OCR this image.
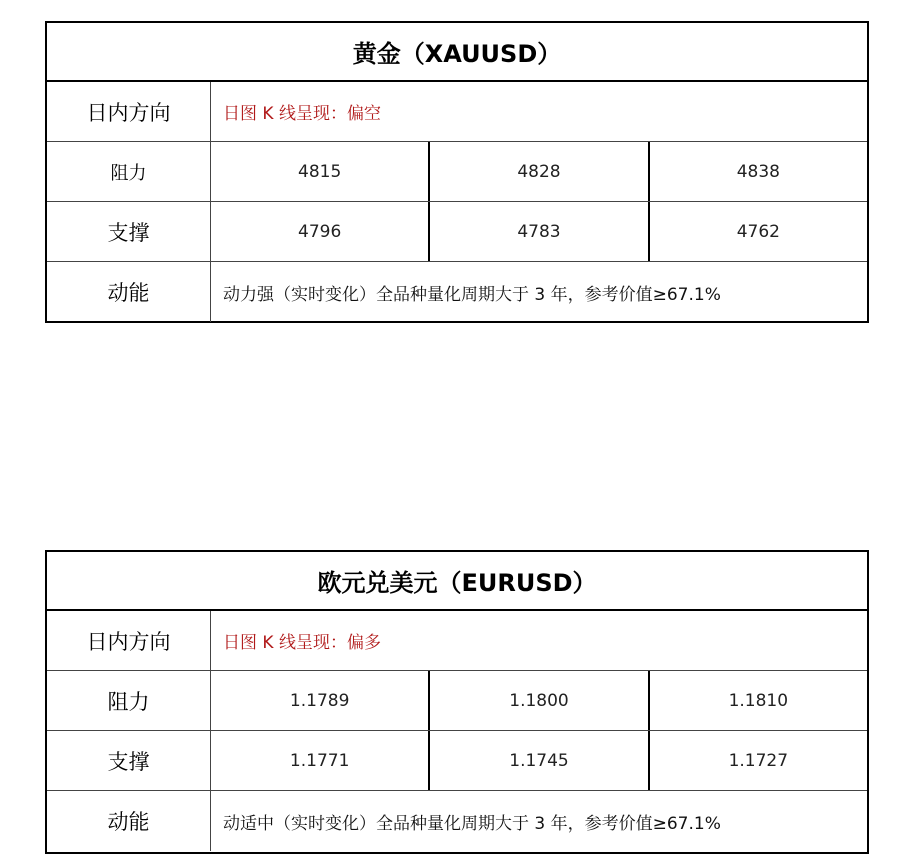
黄金（XAUUSD）
日内方向	日图 K 线呈现：偏空
阻力	4815	4828	4838
支撑	4796	4783	4762
动能	动力强（实时变化）全品种量化周期大于 3 年，参考价值≥67.1%
欧元兑美元（EURUSD）
日内方向	日图 K 线呈现：偏多
阻力	1.1789	1.1800	1.1810
支撑	1.1771	1.1745	1.1727
动能	动适中（实时变化）全品种量化周期大于 3 年，参考价值≥67.1%
